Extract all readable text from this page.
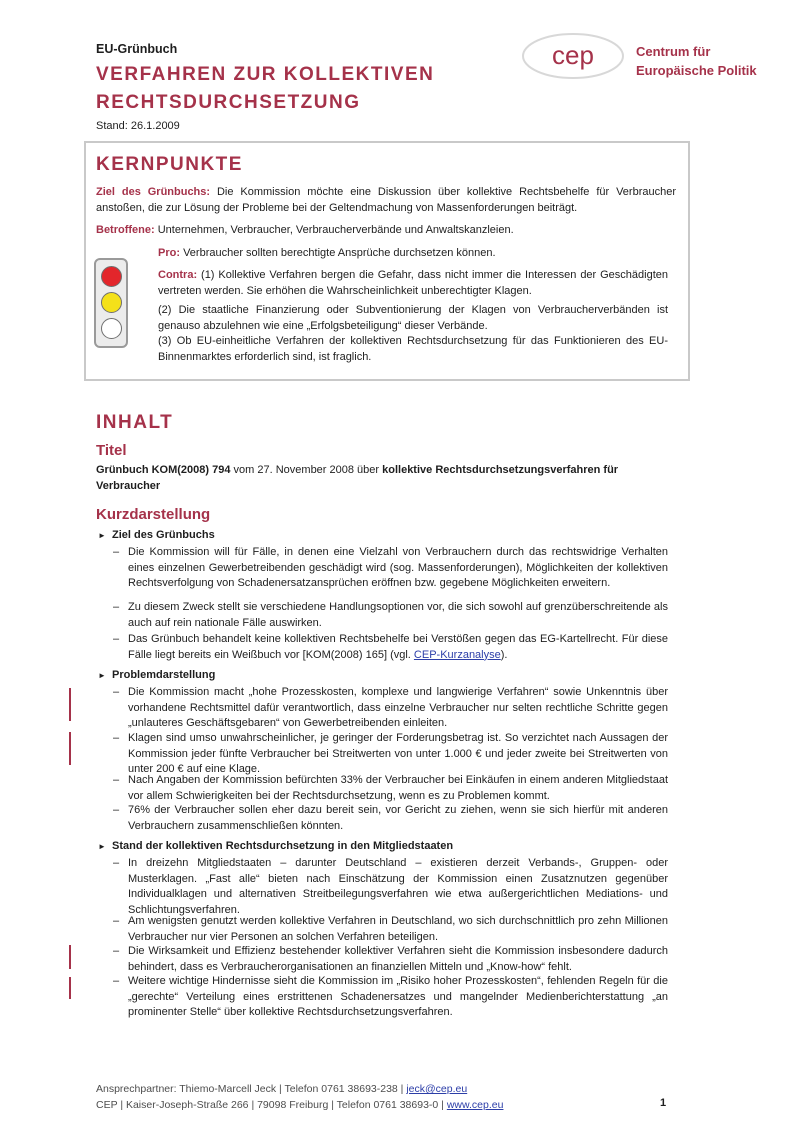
EU-Grünbuch
VERFAHREN ZUR KOLLEKTIVEN
RECHTSDURCHSETZUNG
Stand: 26.1.2009
cep	Centrum für
Europäische Politik
KERNPUNKTE
Ziel des Grünbuchs: Die Kommission möchte eine Diskussion über kollektive Rechtsbehelfe für Verbraucher anstoßen, die zur Lösung der Probleme bei der Geltendmachung von Massenforderungen beiträgt.
Betroffene: Unternehmen, Verbraucher, Verbraucherverbände und Anwaltskanzleien.
Pro: Verbraucher sollten berechtigte Ansprüche durchsetzen können.
Contra: (1) Kollektive Verfahren bergen die Gefahr, dass nicht immer die Interessen der Geschädigten vertreten werden. Sie erhöhen die Wahrscheinlichkeit unberechtigter Klagen.
(2) Die staatliche Finanzierung oder Subventionierung der Klagen von Verbraucherverbänden ist genauso abzulehnen wie eine „Erfolgsbeteiligung“ dieser Verbände.
(3) Ob EU-einheitliche Verfahren der kollektiven Rechtsdurchsetzung für das Funktionieren des EU-Binnenmarktes erforderlich sind, ist fraglich.
INHALT
Titel
Grünbuch KOM(2008) 794 vom 27. November 2008 über kollektive Rechtsdurchsetzungsverfahren für Verbraucher
Kurzdarstellung
► Ziel des Grünbuchs
– Die Kommission will für Fälle, in denen eine Vielzahl von Verbrauchern durch das rechtswidrige Verhalten eines einzelnen Gewerbetreibenden geschädigt wird (sog. Massenforderungen), Möglichkeiten der kollektiven Rechtsverfolgung von Schadenersatzansprüchen eröffnen bzw. gegebene Möglichkeiten erweitern.
– Zu diesem Zweck stellt sie verschiedene Handlungsoptionen vor, die sich sowohl auf grenzüberschreitende als auch auf rein nationale Fälle auswirken.
– Das Grünbuch behandelt keine kollektiven Rechtsbehelfe bei Verstößen gegen das EG-Kartellrecht. Für diese Fälle liegt bereits ein Weißbuch vor [KOM(2008) 165] (vgl. CEP-Kurzanalyse).
► Problemdarstellung
– Die Kommission macht „hohe Prozesskosten, komplexe und langwierige Verfahren“ sowie Unkenntnis über vorhandene Rechtsmittel dafür verantwortlich, dass einzelne Verbraucher nur selten rechtliche Schritte gegen „unlauteres Geschäftsgebaren“ von Gewerbetreibenden einleiten.
– Klagen sind umso unwahrscheinlicher, je geringer der Forderungsbetrag ist. So verzichtet nach Aussagen der Kommission jeder fünfte Verbraucher bei Streitwerten von unter 1.000 € und jeder zweite bei Streitwerten von unter 200 € auf eine Klage.
– Nach Angaben der Kommission befürchten 33% der Verbraucher bei Einkäufen in einem anderen Mitgliedstaat vor allem Schwierigkeiten bei der Rechtsdurchsetzung, wenn es zu Problemen kommt.
– 76% der Verbraucher sollen eher dazu bereit sein, vor Gericht zu ziehen, wenn sie sich hierfür mit anderen Verbrauchern zusammenschließen könnten.
► Stand der kollektiven Rechtsdurchsetzung in den Mitgliedstaaten
– In dreizehn Mitgliedstaaten – darunter Deutschland – existieren derzeit Verbands-, Gruppen- oder Musterklagen. „Fast alle“ bieten nach Einschätzung der Kommission einen Zusatznutzen gegenüber Individualklagen und alternativen Streitbeilegungsverfahren wie etwa außergerichtlichen Mediations- und Schlichtungsverfahren.
– Am wenigsten genutzt werden kollektive Verfahren in Deutschland, wo sich durchschnittlich pro zehn Millionen Verbraucher nur vier Personen an solchen Verfahren beteiligen.
– Die Wirksamkeit und Effizienz bestehender kollektiver Verfahren sieht die Kommission insbesondere dadurch behindert, dass es Verbraucherorganisationen an finanziellen Mitteln und „Know-how“ fehlt.
– Weitere wichtige Hindernisse sieht die Kommission im „Risiko hoher Prozesskosten“, fehlenden Regeln für die „gerechte“ Verteilung eines erstrittenen Schadenersatzes und mangelnder Medienberichterstattung „an prominenter Stelle“ über kollektive Rechtsdurchsetzungsverfahren.
Ansprechpartner: Thiemo-Marcell Jeck | Telefon 0761 38693-238 | jeck@cep.eu
CEP | Kaiser-Joseph-Straße 266 | 79098 Freiburg | Telefon 0761 38693-0 | www.cep.eu	1
